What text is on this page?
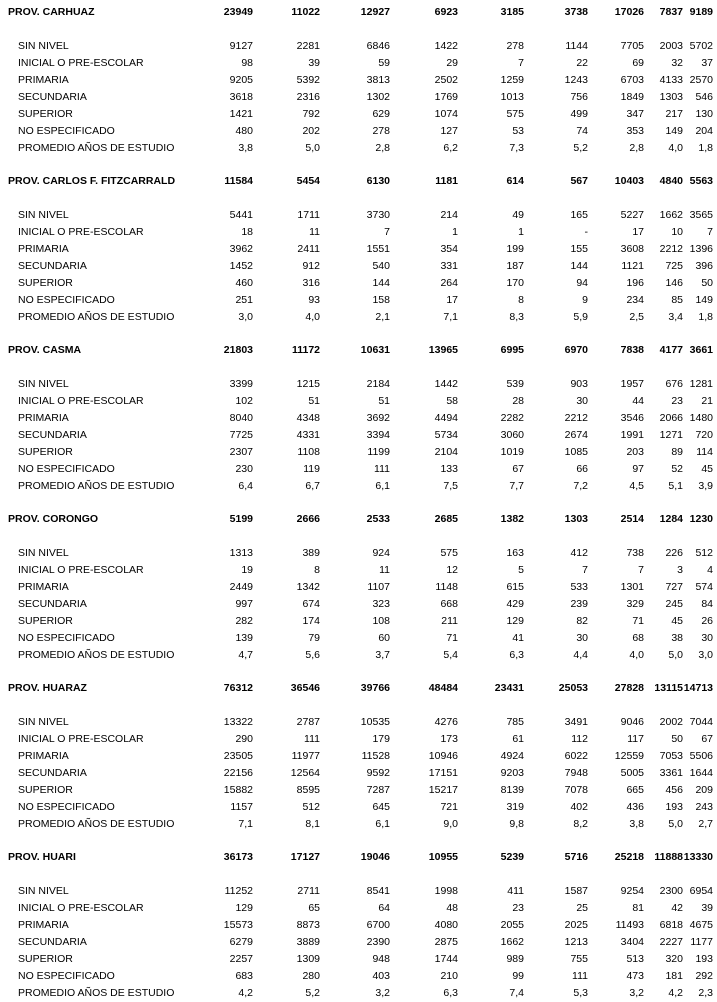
PROV. CARHUAZ	23949	11022	12927	6923	3185	3738	17026	7837 9189
SIN NIVEL	9127	2281	6846	1422	278	1144	7705	2003 5702
INICIAL O PRE-ESCOLAR	98	39	59	29	7	22	69	32	37
PRIMARIA	9205	5392	3813	2502	1259	1243	6703	4133 2570
SECUNDARIA	3618	2316	1302	1769	1013	756	1849	1303	546
SUPERIOR	1421	792	629	1074	575	499	347	217	130
NO ESPECIFICADO	480	202	278	127	53	74	353	149	204
PROMEDIO AÑOS DE ESTUDIO	3,8	5,0	2,8	6,2	7,3	5,2	2,8	4,0	1,8
PROV. CARLOS F. FITZCARRALD	11584	5454	6130	1181	614	567	10403	4840 5563
SIN NIVEL	5441	1711	3730	214	49	165	5227	1662 3565
INICIAL O PRE-ESCOLAR	18	11	7	1	1	-	17	10	7
PRIMARIA	3962	2411	1551	354	199	155	3608	2212 1396
SECUNDARIA	1452	912	540	331	187	144	1121	725	396
SUPERIOR	460	316	144	264	170	94	196	146	50
NO ESPECIFICADO	251	93	158	17	8	9	234	85	149
PROMEDIO AÑOS DE ESTUDIO	3,0	4,0	2,1	7,1	8,3	5,9	2,5	3,4	1,8
PROV. CASMA	21803	11172	10631	13965	6995	6970	7838	4177 3661
SIN NIVEL	3399	1215	2184	1442	539	903	1957	676 1281
INICIAL O PRE-ESCOLAR	102	51	51	58	28	30	44	23	21
PRIMARIA	8040	4348	3692	4494	2282	2212	3546	2066 1480
SECUNDARIA	7725	4331	3394	5734	3060	2674	1991	1271	720
SUPERIOR	2307	1108	1199	2104	1019	1085	203	89	114
NO ESPECIFICADO	230	119	111	133	67	66	97	52	45
PROMEDIO AÑOS DE ESTUDIO	6,4	6,7	6,1	7,5	7,7	7,2	4,5	5,1	3,9
PROV. CORONGO	5199	2666	2533	2685	1382	1303	2514	1284 1230
SIN NIVEL	1313	389	924	575	163	412	738	226	512
INICIAL O PRE-ESCOLAR	19	8	11	12	5	7	7	3	4
PRIMARIA	2449	1342	1107	1148	615	533	1301	727	574
SECUNDARIA	997	674	323	668	429	239	329	245	84
SUPERIOR	282	174	108	211	129	82	71	45	26
NO ESPECIFICADO	139	79	60	71	41	30	68	38	30
PROMEDIO AÑOS DE ESTUDIO	4,7	5,6	3,7	5,4	6,3	4,4	4,0	5,0	3,0
PROV. HUARAZ	76312	36546	39766	48484	23431	25053	27828 13115 14713
SIN NIVEL	13322	2787	10535	4276	785	3491	9046	2002 7044
INICIAL O PRE-ESCOLAR	290	111	179	173	61	112	117	50	67
PRIMARIA	23505	11977	11528	10946	4924	6022	12559	7053 5506
SECUNDARIA	22156	12564	9592	17151	9203	7948	5005	3361 1644
SUPERIOR	15882	8595	7287	15217	8139	7078	665	456	209
NO ESPECIFICADO	1157	512	645	721	319	402	436	193	243
PROMEDIO AÑOS DE ESTUDIO	7,1	8,1	6,1	9,0	9,8	8,2	3,8	5,0	2,7
PROV. HUARI	36173	17127	19046	10955	5239	5716	25218 11888 13330
SIN NIVEL	11252	2711	8541	1998	411	1587	9254	2300 6954
INICIAL O PRE-ESCOLAR	129	65	64	48	23	25	81	42	39
PRIMARIA	15573	8873	6700	4080	2055	2025	11493	6818 4675
SECUNDARIA	6279	3889	2390	2875	1662	1213	3404	2227 1177
SUPERIOR	2257	1309	948	1744	989	755	513	320	193
NO ESPECIFICADO	683	280	403	210	99	111	473	181	292
PROMEDIO AÑOS DE ESTUDIO	4,2	5,2	3,2	6,3	7,4	5,3	3,2	4,2	2,3
